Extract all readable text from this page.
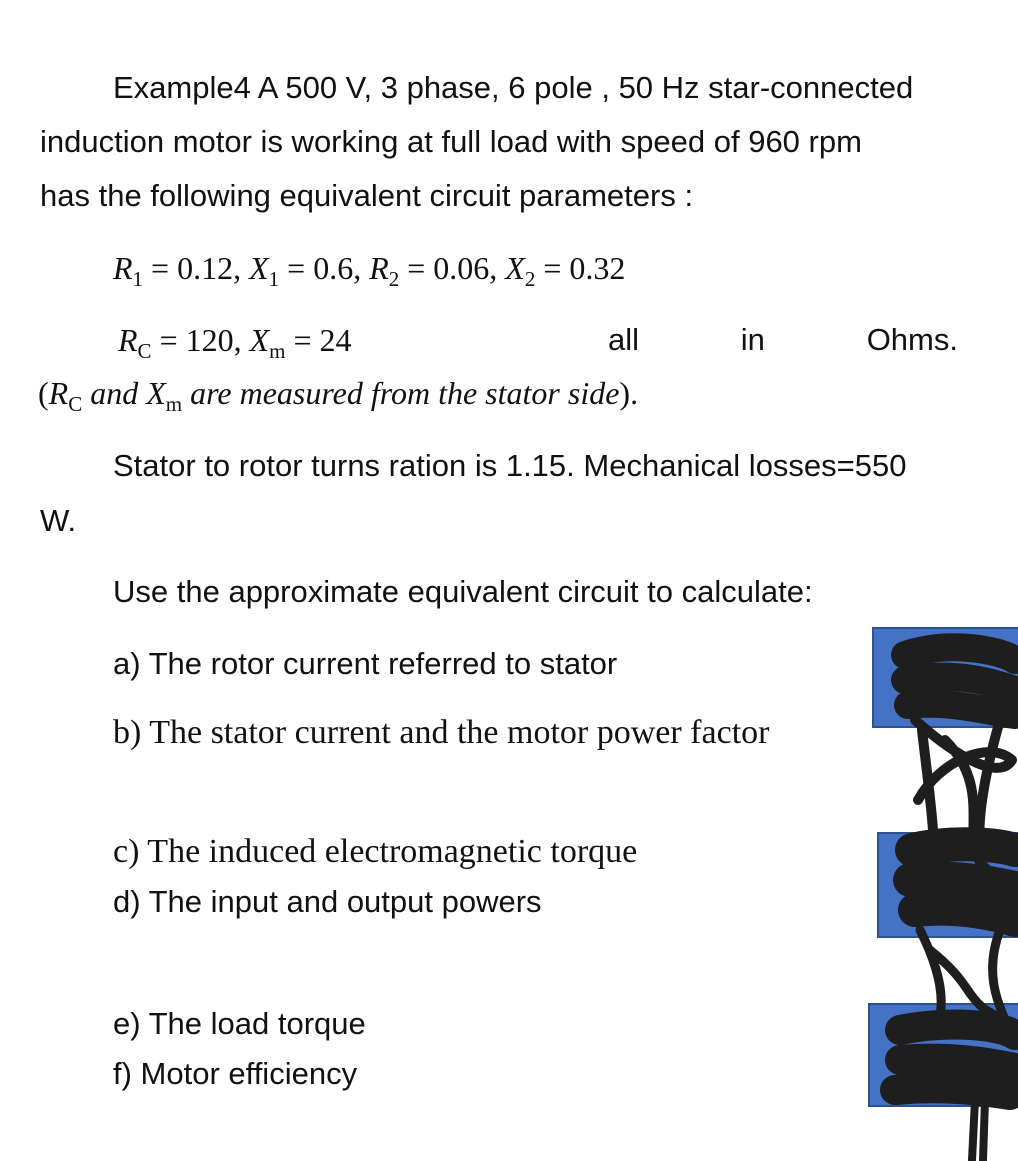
Example4 A 500 V, 3 phase, 6 pole , 50 Hz star-connected
induction motor is working at full load with speed of 960 rpm
has the following equivalent circuit parameters :
$R_1 = 0.12$, $X_1 = 0.6$, $R_2 = 0.06$, $X_2 = 0.32$
$R_C = 120$, $X_m = 24$	all	in	Ohms.
($R_C$ and $X_m$ are measured from the stator side).
Stator to rotor turns ration is 1.15. Mechanical losses=550
W.
Use the approximate equivalent circuit to calculate:
a) The rotor current referred to stator
b) The stator current and the motor power factor
c) The induced electromagnetic torque
d) The input and output powers
e) The load torque
f) Motor efficiency
